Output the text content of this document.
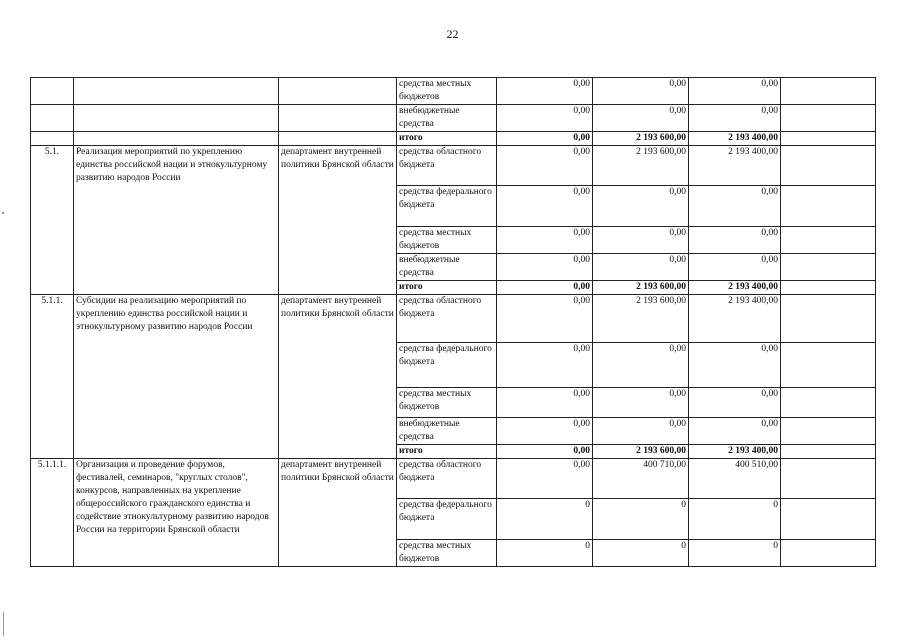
22
			средства местных бюджетов	0,00	0,00	0,00	
			внебюджетные средства	0,00	0,00	0,00	
			итого	0,00	2 193 600,00	2 193 400,00	
5.1.	Реализация мероприятий по укреплению единства российской нации и этнокультурному развитию народов России	департамент внутренней политики Брянской области	средства областного бюджета	0,00	2 193 600,00	2 193 400,00	
			средства федерального бюджета	0,00	0,00	0,00	
			средства местных бюджетов	0,00	0,00	0,00	
			внебюджетные средства	0,00	0,00	0,00	
			итого	0,00	2 193 600,00	2 193 400,00	
5.1.1.	Субсидии на реализацию мероприятий по укреплению единства российской нации и этнокультурному развитию народов России	департамент внутренней политики Брянской области	средства областного бюджета	0,00	2 193 600,00	2 193 400,00	
			средства федерального бюджета	0,00	0,00	0,00	
			средства местных бюджетов	0,00	0,00	0,00	
			внебюджетные средства	0,00	0,00	0,00	
			итого	0,00	2 193 600,00	2 193 400,00	
5.1.1.1.	Организация и проведение форумов, фестивалей, семинаров, "круглых столов", конкурсов, направленных на укрепление общероссийского гражданского единства и содействие этнокультурному развитию народов России на территории Брянской области	департамент внутренней политики Брянской области	средства областного бюджета	0,00	400 710,00	400 510,00	
			средства федерального бюджета	0	0	0	
			средства местных бюджетов	0	0	0	
